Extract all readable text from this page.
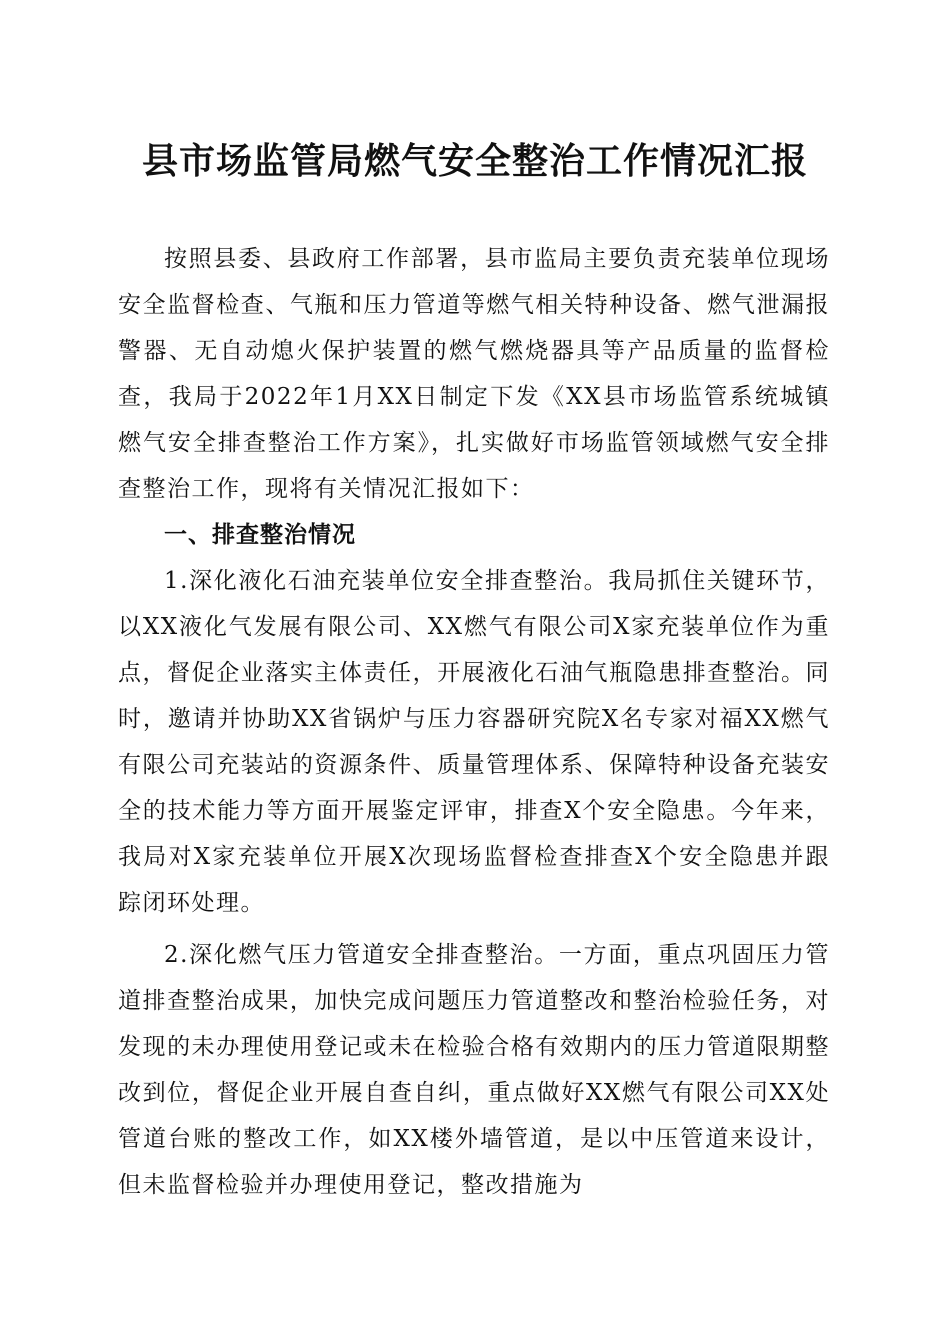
县市场监管局燃气安全整治工作情况汇报

按照县委、县政府工作部署，县市监局主要负责充装单位现场安全监督检查、气瓶和压力管道等燃气相关特种设备、燃气泄漏报警器、无自动熄火保护装置的燃气燃烧器具等产品质量的监督检查，我局于2022年1月XX日制定下发《XX县市场监管系统城镇燃气安全排查整治工作方案》，扎实做好市场监管领域燃气安全排查整治工作，现将有关情况汇报如下：

一、排查整治情况

1.深化液化石油充装单位安全排查整治。我局抓住关键环节，以XX液化气发展有限公司、XX燃气有限公司X家充装单位作为重点，督促企业落实主体责任，开展液化石油气瓶隐患排查整治。同时，邀请并协助XX省锅炉与压力容器研究院X名专家对福XX燃气有限公司充装站的资源条件、质量管理体系、保障特种设备充装安全的技术能力等方面开展鉴定评审，排查X个安全隐患。今年来，我局对X家充装单位开展X次现场监督检查排查X个安全隐患并跟踪闭环处理。

2.深化燃气压力管道安全排查整治。一方面，重点巩固压力管道排查整治成果，加快完成问题压力管道整改和整治检验任务，对发现的未办理使用登记或未在检验合格有效期内的压力管道限期整改到位，督促企业开展自查自纠，重点做好XX燃气有限公司XX处管道台账的整改工作，如XX楼外墙管道，是以中压管道来设计，但未监督检验并办理使用登记，整改措施为
